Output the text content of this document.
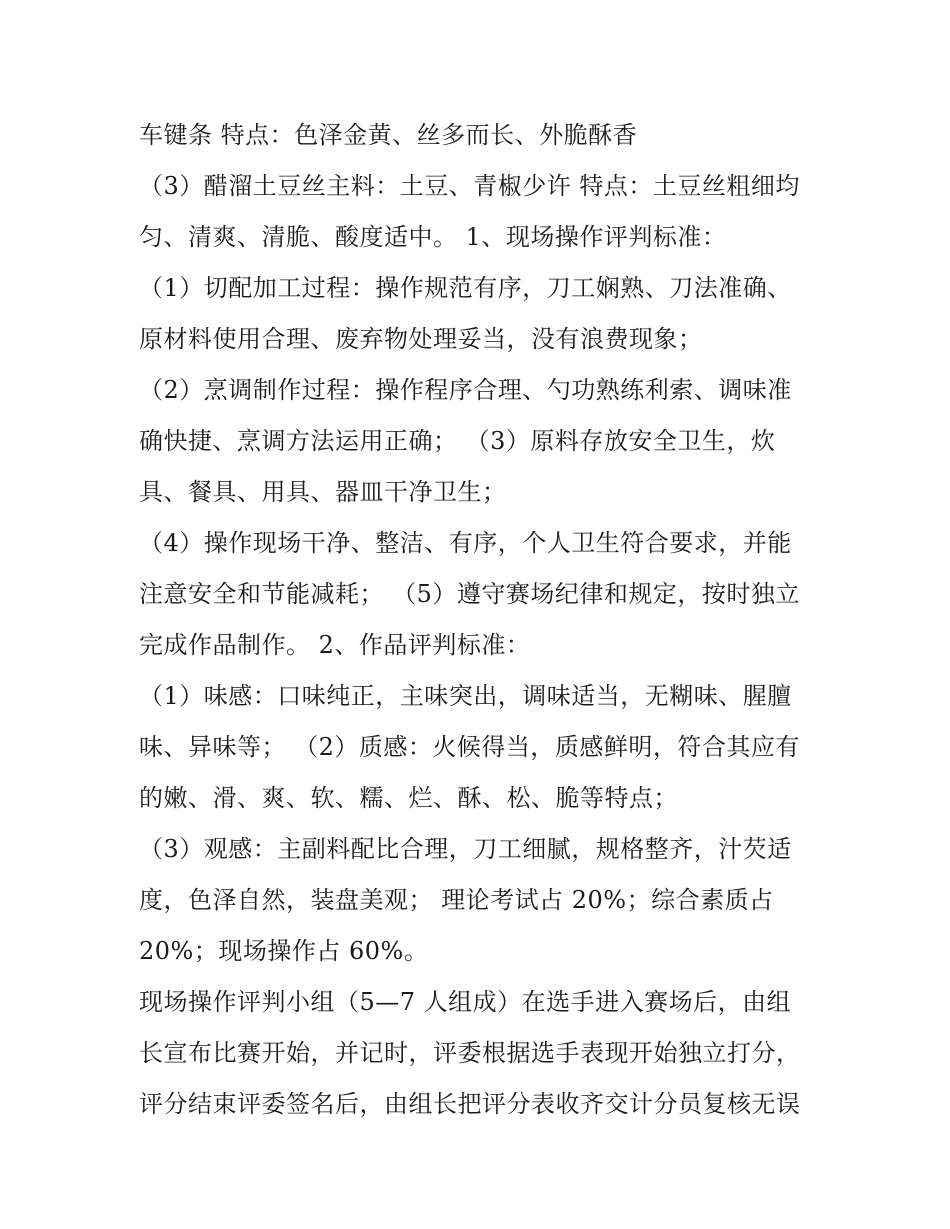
车键条 特点：色泽金黄、丝多而长、外脆酥香
（3）醋溜土豆丝主料：土豆、青椒少许 特点：土豆丝粗细均
匀、清爽、清脆、酸度适中。 1、现场操作评判标准：
（1）切配加工过程：操作规范有序，刀工娴熟、刀法准确、
原材料使用合理、废弃物处理妥当，没有浪费现象；
（2）烹调制作过程：操作程序合理、勺功熟练利索、调味准
确快捷、烹调方法运用正确； （3）原料存放安全卫生，炊
具、餐具、用具、器皿干净卫生；
（4）操作现场干净、整洁、有序，个人卫生符合要求，并能
注意安全和节能减耗； （5）遵守赛场纪律和规定，按时独立
完成作品制作。 2、作品评判标准：
（1）味感：口味纯正，主味突出，调味适当，无糊味、腥膻
味、异味等； （2）质感：火候得当，质感鲜明，符合其应有
的嫩、滑、爽、软、糯、烂、酥、松、脆等特点；
（3）观感：主副料配比合理，刀工细腻，规格整齐，汁芡适
度，色泽自然，装盘美观； 理论考试占 20%；综合素质占
20%；现场操作占 60%。
现场操作评判小组（5—7 人组成）在选手进入赛场后，由组
长宣布比赛开始，并记时，评委根据选手表现开始独立打分，
评分结束评委签名后，由组长把评分表收齐交计分员复核无误
